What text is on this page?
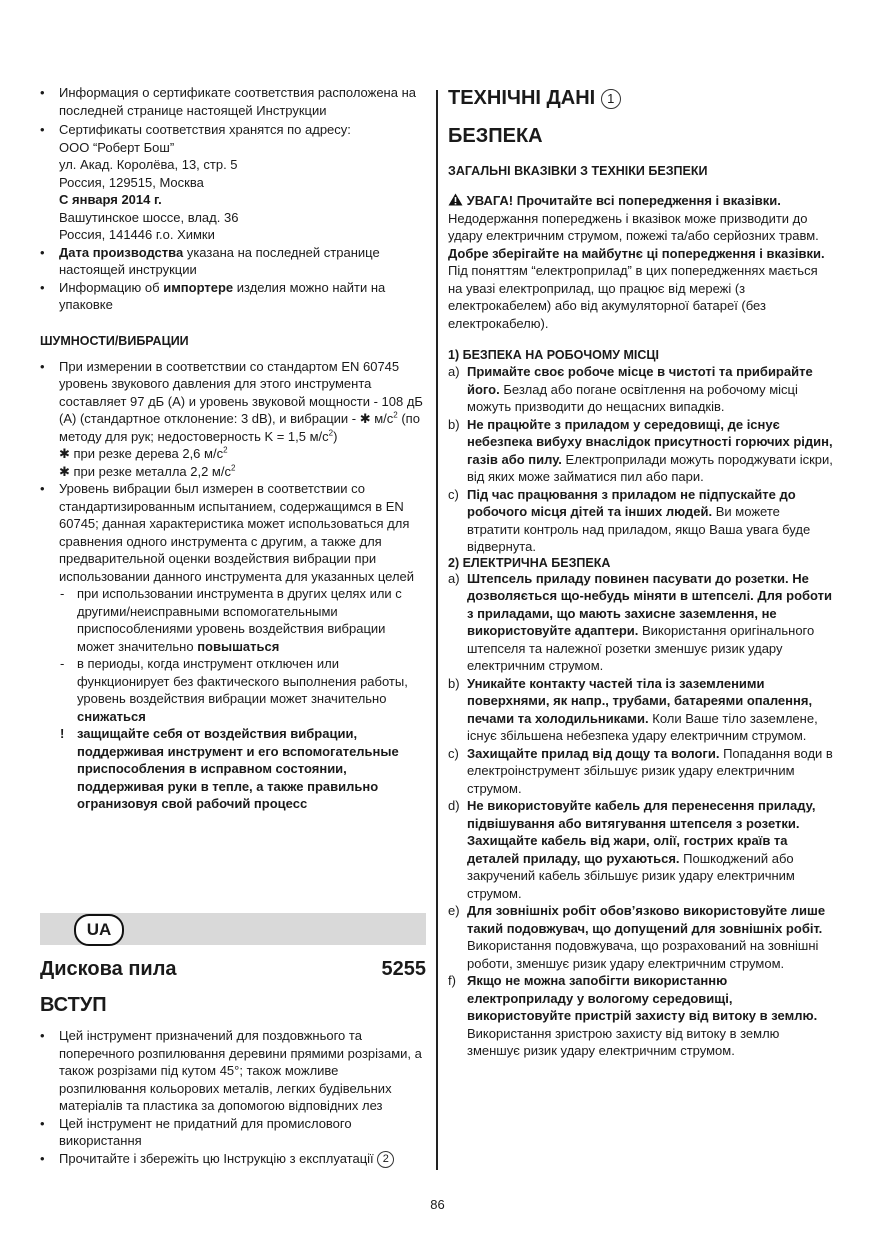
• Информация о сертификате соответствия расположена на последней странице настоящей Инструкции
• Сертификаты соответствия хранятся по адресу:
ООО “Роберт Бош”
ул. Акад. Королёва, 13, стр. 5
Россия, 129515, Москва
С января 2014 г.
Вашутинское шоссе, влад. 36
Россия, 141446 г.о. Химки
• Дата производства указана на последней странице настоящей инструкции
• Информацию об импортере изделия можно найти на упаковке
ШУМНОСТИ/ВИБРАЦИИ
• При измерении в соответствии со стандартом EN 60745 уровень звукового давления для этого инструмента составляет 97 дБ (A) и уровень звуковой мощности - 108 дБ (A) (стандартное отклонение: 3 dB), и вибрации - ✱ $м/с^2$ (по методу для рук; недостоверность K = 1,5 $м/с^2$)
✱ при резке дерева 2,6 $м/с^2$
✱ при резке металла 2,2 $м/с^2$
• Уровень вибрации был измерен в соответствии со стандартизированным испытанием, содержащимся в EN 60745; данная характеристика может использоваться для сравнения одного инструмента с другим, а также для предварительной оценки воздействия вибрации при использовании данного инструмента для указанных целей
- при использовании инструмента в других целях или с другими/неисправными вспомогательными приспособлениями уровень воздействия вибрации может значительно повышаться
- в периоды, когда инструмент отключен или функционирует без фактического выполнения работы, уровень воздействия вибрации может значительно снижаться
! защищайте себя от воздействия вибрации, поддерживая инструмент и его вспомогательные приспособления в исправном состоянии, поддерживая руки в тепле, а также правильно огранизовуя свой рабочий процесс
UA
Дискова пила	5255
ВСТУП
• Цей інструмент призначений для поздовжнього та поперечного розпилювання деревини прямими розрізами, а також розрізами під кутом 45°; також можливе розпилювання кольорових металів, легких будівельних матеріалів та пластика за допомогою відповідних лез
• Цей інструмент не придатний для промислового використання
• Прочитайте і збережіть цю Інструкцію з експлуатації 2
ТЕХНІЧНІ ДАНІ 1
БЕЗПЕКА
ЗАГАЛЬНІ ВКАЗІВКИ З ТЕХНІКИ БЕЗПЕКИ
УВАГА! Прочитайте всі попередження і вказівки. Недодержання попереджень і вказівок може призводити до удару електричним струмом, пожежі та/або серйозних травм. Добре зберігайте на майбутнє ці попередження і вказівки. Під поняттям “електроприлад” в цих попередженнях мається на увазі електроприлад, що працює від мережі (з електрокабелем) або від акумуляторної батареї (без електрокабелю).
1) БЕЗПЕКА НА РОБОЧОМУ МІСЦІ
a) Примайте своє робоче місце в чистоті та прибирайте його. Безлад або погане освітлення на робочому місці можуть призводити до нещасних випадків.
b) Не працюйте з приладом у середовищі, де існує небезпека вибуху внаслідок присутності горючих рідин, газів або пилу. Електроприлади можуть породжувати іскри, від яких може займатися пил або пари.
c) Під час працювання з приладом не підпускайте до робочого місця дітей та інших людей. Ви можете втратити контроль над приладом, якщо Ваша увага буде відвернута.
2) ЕЛЕКТРИЧНА БЕЗПЕКА
a) Штепсель приладу повинен пасувати до розетки. Не дозволяється що-небудь міняти в штепселі. Для роботи з приладами, що мають захисне заземлення, не використовуйте адаптери. Використання оригінального штепселя та належної розетки зменшує ризик удару електричним струмом.
b) Уникайте контакту частей тіла із заземленими поверхнями, як напр., трубами, батареями опалення, печами та холодильниками. Коли Ваше тіло заземлене, існує збільшена небезпека удару електричним струмом.
c) Захищайте прилад від дощу та вологи. Попадання води в електроінструмент збільшує ризик удару електричним струмом.
d) Не використовуйте кабель для перенесення приладу, підвішування або витягування штепселя з розетки. Захищайте кабель від жари, олії, гострих країв та деталей приладу, що рухаються. Пошкоджений або закручений кабель збільшує ризик удару електричним струмом.
e) Для зовнішніх робіт обов’язково використовуйте лише такий подовжувач, що допущений для зовнішніх робіт. Використання подовжувача, що розрахований на зовнішні роботи, зменшує ризик удару електричним струмом.
f) Якщо не можна запобігти використанню електроприладу у вологому середовищі, використовуйте пристрій захисту від витоку в землю. Використання зристрою захисту від витоку в землю зменшує ризик удару електричним струмом.
86
